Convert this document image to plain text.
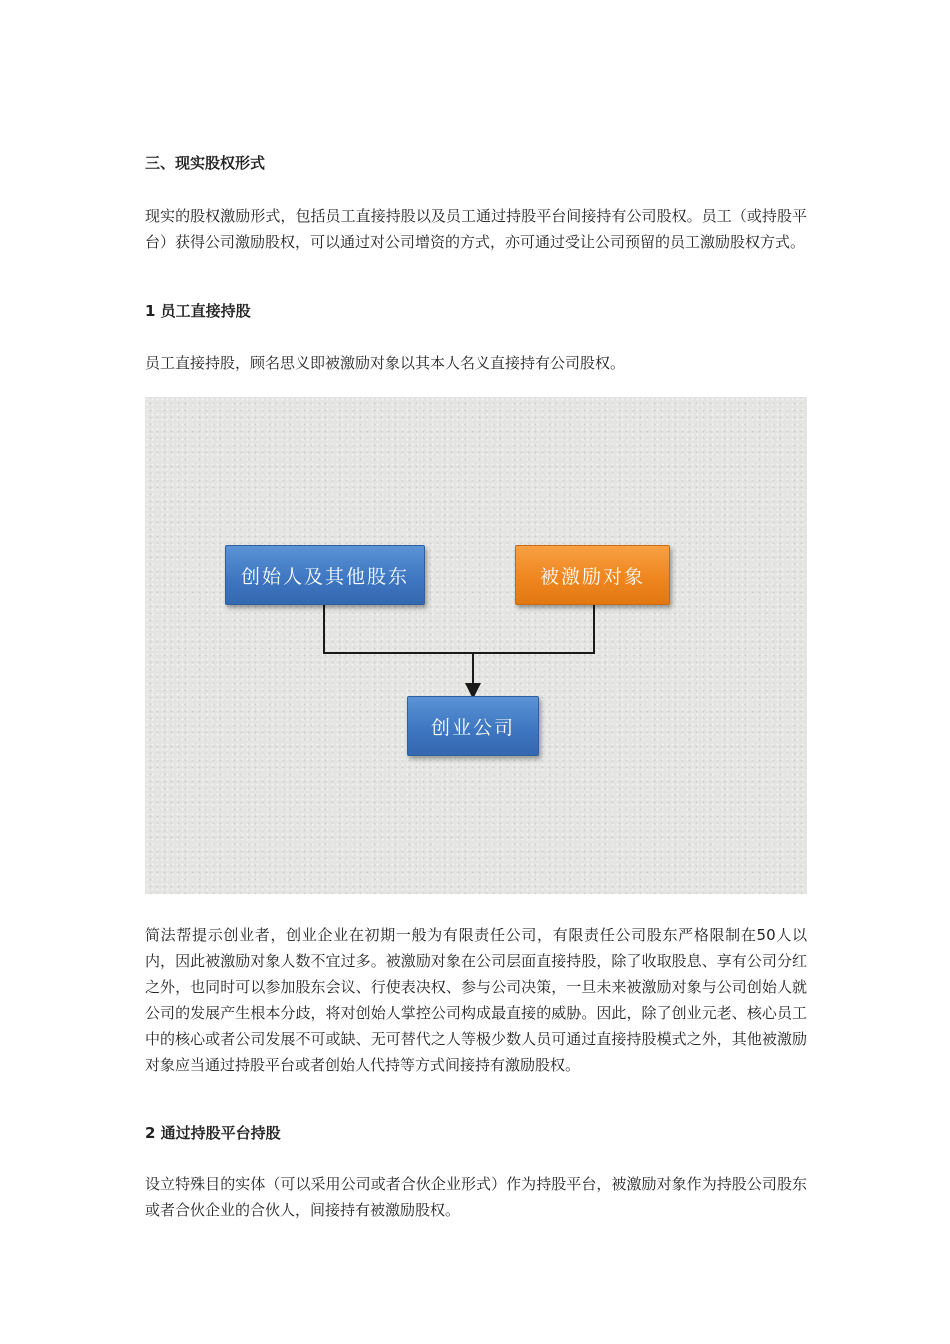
三、现实股权形式

现实的股权激励形式，包括员工直接持股以及员工通过持股平台间接持有公司股权。员工（或持股平台）获得公司激励股权，可以通过对公司增资的方式，亦可通过受让公司预留的员工激励股权方式。

1 员工直接持股

员工直接持股，顾名思义即被激励对象以其本人名义直接持有公司股权。

简法帮提示创业者，创业企业在初期一般为有限责任公司，有限责任公司股东严格限制在50人以内，因此被激励对象人数不宜过多。被激励对象在公司层面直接持股，除了收取股息、享有公司分红之外，也同时可以参加股东会议、行使表决权、参与公司决策，一旦未来被激励对象与公司创始人就公司的发展产生根本分歧，将对创始人掌控公司构成最直接的威胁。因此，除了创业元老、核心员工中的核心或者公司发展不可或缺、无可替代之人等极少数人员可通过直接持股模式之外，其他被激励对象应当通过持股平台或者创始人代持等方式间接持有激励股权。

2 通过持股平台持股

设立特殊目的实体（可以采用公司或者合伙企业形式）作为持股平台，被激励对象作为持股公司股东或者合伙企业的合伙人，间接持有被激励股权。

创始人及其他股东	被激励对象
创业公司
